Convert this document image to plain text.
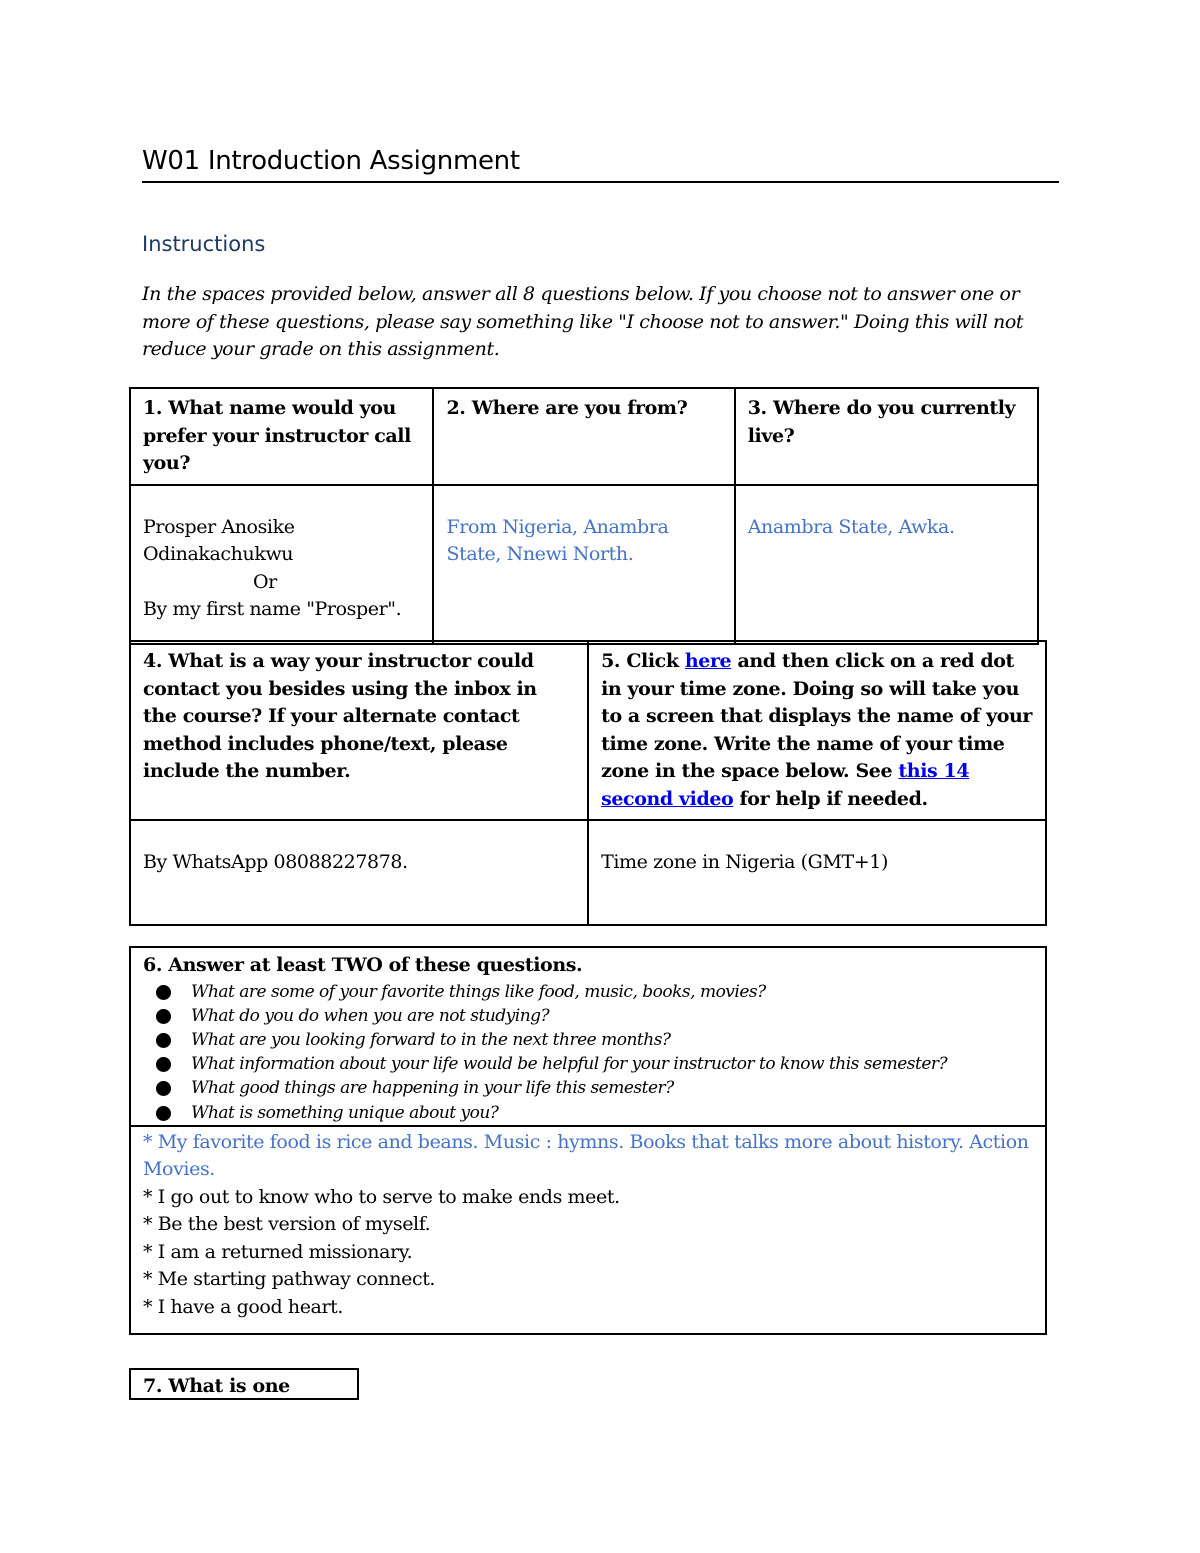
W01 Introduction Assignment
Instructions
In the spaces provided below, answer all 8 questions below. If you choose not to answer one or more of these questions, please say something like "I choose not to answer." Doing this will not reduce your grade on this assignment.
1. What name would you prefer your instructor call you?	2. Where are you from?	3. Where do you currently live?

Prosper Anosike
Odinakachukwu
Or
By my first name "Prosper".	From Nigeria, Anambra State, Nnewi North.	Anambra State, Awka.
4. What is a way your instructor could contact you besides using the inbox in the course? If your alternate contact method includes phone/text, please include the number.	5. Click here and then click on a red dot in your time zone. Doing so will take you to a screen that displays the name of your time zone. Write the name of your time zone in the space below. See this 14 second video for help if needed.
By WhatsApp 08088227878.	Time zone in Nigeria (GMT+1)
6. Answer at least TWO of these questions.
What are some of your favorite things like food, music, books, movies?
What do you do when you are not studying?
What are you looking forward to in the next three months?
What information about your life would be helpful for your instructor to know this semester?
What good things are happening in your life this semester?
What is something unique about you?

* My favorite food is rice and beans. Music : hymns. Books that talks more about history. Action Movies.
* I go out to know who to serve to make ends meet.
* Be the best version of myself.
* I am a returned missionary.
* Me starting pathway connect.
* I have a good heart.
7. What is one
